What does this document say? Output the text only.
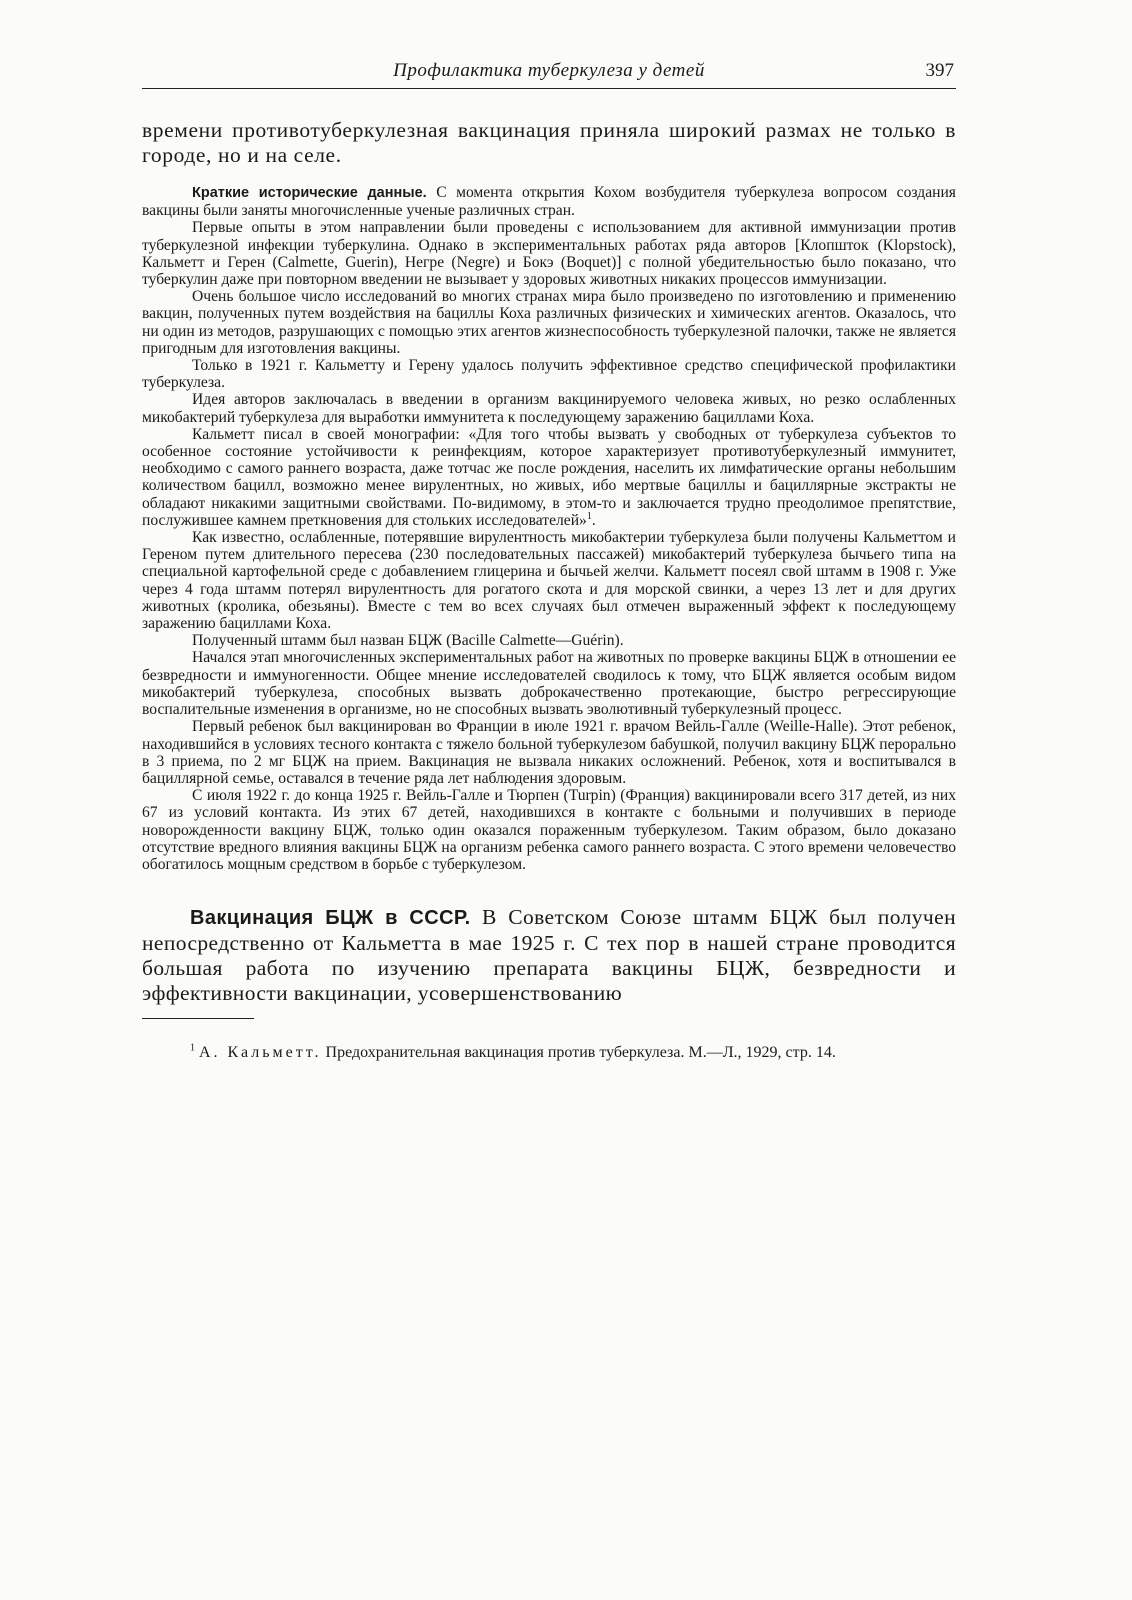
Профилактика туберкулеза у детей	397

времени противотуберкулезная вакцинация приняла широкий размах не только в городе, но и на селе.

Краткие исторические данные. С момента открытия Кохом возбудителя туберкулеза вопросом создания вакцины были заняты многочисленные ученые различных стран.

Первые опыты в этом направлении были проведены с использованием для активной иммунизации против туберкулезной инфекции туберкулина. Однако в экспериментальных работах ряда авторов [Клопшток (Klopstock), Кальметт и Герен (Calmette, Guerin), Негре (Negre) и Бокэ (Boquet)] с полной убедительностью было показано, что туберкулин даже при повторном введении не вызывает у здоровых животных никаких процессов иммунизации.

Очень большое число исследований во многих странах мира было произведено по изготовлению и применению вакцин, полученных путем воздействия на бациллы Коха различных физических и химических агентов. Оказалось, что ни один из методов, разрушающих с помощью этих агентов жизнеспособность туберкулезной палочки, также не является пригодным для изготовления вакцины.

Только в 1921 г. Кальметту и Герену удалось получить эффективное средство специфической профилактики туберкулеза.

Идея авторов заключалась в введении в организм вакцинируемого человека живых, но резко ослабленных микобактерий туберкулеза для выработки иммунитета к последующему заражению бациллами Коха.

Кальметт писал в своей монографии: «Для того чтобы вызвать у свободных от туберкулеза субъектов то особенное состояние устойчивости к реинфекциям, которое характеризует противотуберкулезный иммунитет, необходимо с самого раннего возраста, даже тотчас же после рождения, населить их лимфатические органы небольшим количеством бацилл, возможно менее вирулентных, но живых, ибо мертвые бациллы и бациллярные экстракты не обладают никакими защитными свойствами. По-видимому, в этом-то и заключается трудно преодолимое препятствие, послужившее камнем преткновения для стольких исследователей»$^1$.

Как известно, ослабленные, потерявшие вирулентность микобактерии туберкулеза были получены Кальметтом и Гереном путем длительного пересева (230 последовательных пассажей) микобактерий туберкулеза бычьего типа на специальной картофельной среде с добавлением глицерина и бычьей желчи. Кальметт посеял свой штамм в 1908 г. Уже через 4 года штамм потерял вирулентность для рогатого скота и для морской свинки, а через 13 лет и для других животных (кролика, обезьяны). Вместе с тем во всех случаях был отмечен выраженный эффект к последующему заражению бациллами Коха.

Полученный штамм был назван БЦЖ (Bacille Calmette—Guérin).

Начался этап многочисленных экспериментальных работ на животных по проверке вакцины БЦЖ в отношении ее безвредности и иммуногенности. Общее мнение исследователей сводилось к тому, что БЦЖ является особым видом микобактерий туберкулеза, способных вызвать доброкачественно протекающие, быстро регрессирующие воспалительные изменения в организме, но не способных вызвать эволютивный туберкулезный процесс.

Первый ребенок был вакцинирован во Франции в июле 1921 г. врачом Вейль-Галле (Weille-Halle). Этот ребенок, находившийся в условиях тесного контакта с тяжело больной туберкулезом бабушкой, получил вакцину БЦЖ перорально в 3 приема, по 2 мг БЦЖ на прием. Вакцинация не вызвала никаких осложнений. Ребенок, хотя и воспитывался в бациллярной семье, оставался в течение ряда лет наблюдения здоровым.

С июля 1922 г. до конца 1925 г. Вейль-Галле и Тюрпен (Turpin) (Франция) вакцинировали всего 317 детей, из них 67 из условий контакта. Из этих 67 детей, находившихся в контакте с больными и получивших в периоде новорожденности вакцину БЦЖ, только один оказался пораженным туберкулезом. Таким образом, было доказано отсутствие вредного влияния вакцины БЦЖ на организм ребенка самого раннего возраста. С этого времени человечество обогатилось мощным средством в борьбе с туберкулезом.

Вакцинация БЦЖ в СССР. В Советском Союзе штамм БЦЖ был получен непосредственно от Кальметта в мае 1925 г. С тех пор в нашей стране проводится большая работа по изучению препарата вакцины БЦЖ, безвредности и эффективности вакцинации, усовершенствованию

$^1$ А. Кальметт. Предохранительная вакцинация против туберкулеза. М.—Л., 1929, стр. 14.
